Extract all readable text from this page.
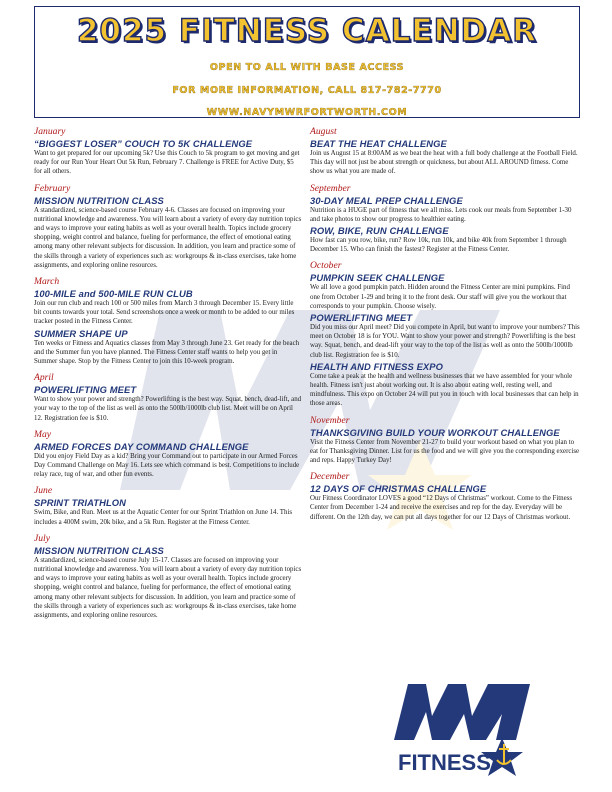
2025 FITNESS CALENDAR
OPEN TO ALL WITH BASE ACCESS
FOR MORE INFORMATION, CALL 817-782-7770
WWW.NAVYMWRFORTWORTH.COM
January
“BIGGEST LOSER” COUCH TO 5K CHALLENGE
Want to get prepared for our upcoming 5k? Use this Couch to 5k program to get moving and get ready for our Run Your Heart Out 5k Run, February 7. Challenge is FREE for Active Duty, $5 for all others.
February
MISSION NUTRITION CLASS
A standardized, science-based course February 4-6. Classes are focused on improving your nutritional knowledge and awareness. You will learn about a variety of every day nutrition topics and ways to improve your eating habits as well as your overall health. Topics include grocery shopping, weight control and balance, fueling for performance, the effect of emotional eating among many other relevant subjects for discussion. In addition, you learn and practice some of the skills through a variety of experiences such as: workgroups & in-class exercises, take home assignments, and exploring online resources.
March
100-MILE and 500-MILE RUN CLUB
Join our run club and reach 100 or 500 miles from March 3 through December 15. Every little bit counts towards your total. Send screenshots once a week or month to be added to our miles tracker posted in the Fitness Center.
SUMMER SHAPE UP
Ten weeks or Fitness and Aquatics classes from May 3 through June 23. Get ready for the beach and the Summer fun you have planned. The Fitness Center staff wants to help you get in Summer shape. Stop by the Fitness Center to join this 10-week program.
April
POWERLIFTING MEET
Want to show your power and strength? Powerlifting is the best way. Squat, bench, dead-lift, and your way to the top of the list as well as onto the 500lb/1000lb club list. Meet will be on April 12. Registration fee is $10.
May
ARMED FORCES DAY COMMAND CHALLENGE
Did you enjoy Field Day as a kid? Bring your Command out to participate in our Armed Forces Day Command Challenge on May 16. Lets see which command is best. Competitions to include relay race, tug of war, and other fun events.
June
SPRINT TRIATHLON
Swim, Bike, and Run. Meet us at the Aquatic Center for our Sprint Triathlon on June 14. This includes a 400M swim, 20k bike, and a 5k Run. Register at the Fitness Center.
July
MISSION NUTRITION CLASS
A standardized, science-based course July 15-17. Classes are focused on improving your nutritional knowledge and awareness. You will learn about a variety of every day nutrition topics and ways to improve your eating habits as well as your overall health. Topics include grocery shopping, weight control and balance, fueling for performance, the effect of emotional eating among many other relevant subjects for discussion. In addition, you learn and practice some of the skills through a variety of experiences such as: workgroups & in-class exercises, take home assignments, and exploring online resources.
August
BEAT THE HEAT CHALLENGE
Join us August 15 at 8:00AM as we beat the heat with a full body challenge at the Football Field. This day will not just be about strength or quickness, but about ALL AROUND fitness. Come show us what you are made of.
September
30-DAY MEAL PREP CHALLENGE
Nutrition is a HUGE part of fitness that we all miss. Lets cook our meals from September 1-30 and take photos to show our progress to healthier eating.
ROW, BIKE, RUN CHALLENGE
How fast can you row, bike, run? Row 10k, run 10k, and bike 40k from September 1 through December 15. Who can finish the fastest? Register at the Fitness Center.
October
PUMPKIN SEEK CHALLENGE
We all love a good pumpkin patch. Hidden around the Fitness Center are mini pumpkins. Find one from October 1-29 and bring it to the front desk. Our staff will give you the workout that corresponds to your pumpkin. Choose wisely.
POWERLIFTING MEET
Did you miss our April meet? Did you compete in April, but want to improve your numbers? This meet on October 18 is for YOU. Want to show your power and strength? Powerlifting is the best way. Squat, bench, and dead-lift your way to the top of the list as well as onto the 500lb/1000lb club list. Registration fee is $10.
HEALTH AND FITNESS EXPO
Come take a peak at the health and wellness businesses that we have assembled for your whole health. Fitness isn't just about working out. It is also about eating well, resting well, and mindfulness. This expo on October 24 will put you in touch with local businesses that can help in those areas.
November
THANKSGIVING BUILD YOUR WORKOUT CHALLENGE
Visit the Fitness Center from November 21-27 to build your workout based on what you plan to eat for Thanksgiving Dinner. List for us the food and we will give you the corresponding exercise and reps. Happy Turkey Day!
December
12 DAYS OF CHRISTMAS CHALLENGE
Our Fitness Coordinator LOVES a good “12 Days of Christmas” workout. Come to the Fitness Center from December 1-24 and receive the exercises and rep for the day. Everyday will be different. On the 12th day, we can put all days together for our 12 Days of Christmas workout.
FITNESS
